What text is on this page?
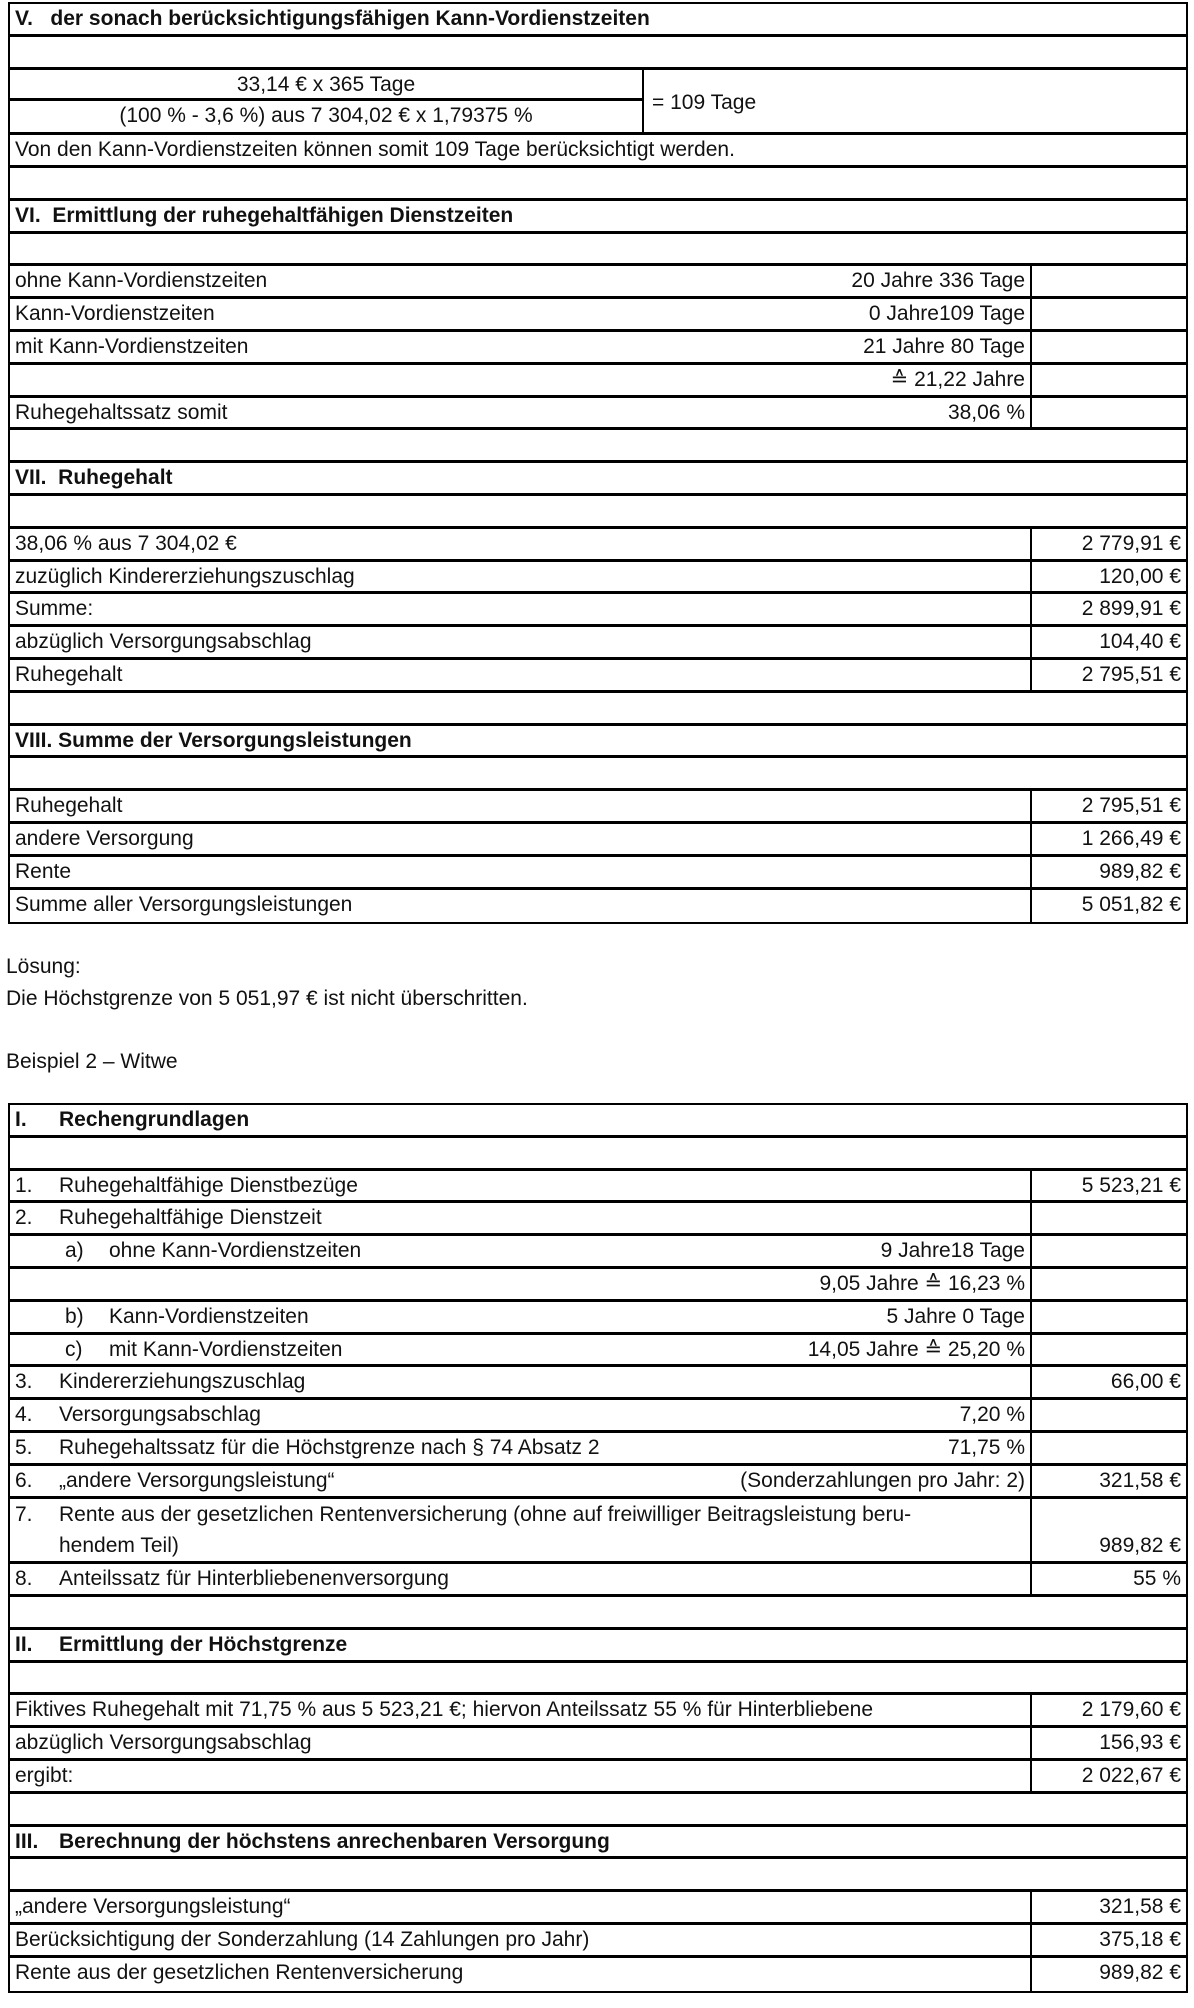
V.   der sonach berücksichtigungsfähigen Kann-Vordienstzeiten
$\frac{\text{33,14 € x 365 Tage}}{\text{(100 \% - 3,6 \%) aus 7 304,02 € x 1,79375 \%}} = 109$ Tage
Von den Kann-Vordienstzeiten können somit 109 Tage berücksichtigt werden.
VI.  Ermittlung der ruhegehaltfähigen Dienstzeiten
ohne Kann-Vordienstzeiten	20 Jahre 336 Tage
Kann-Vordienstzeiten	0 Jahre109 Tage
mit Kann-Vordienstzeiten	21 Jahre 80 Tage
≙ 21,22 Jahre
Ruhegehaltssatz somit	38,06 %
VII.  Ruhegehalt
38,06 % aus 7 304,02 €	2 779,91 €
zuzüglich Kindererziehungszuschlag	120,00 €
Summe:	2 899,91 €
abzüglich Versorgungsabschlag	104,40 €
Ruhegehalt	2 795,51 €
VIII. Summe der Versorgungsleistungen
Ruhegehalt	2 795,51 €
andere Versorgung	1 266,49 €
Rente	989,82 €
Summe aller Versorgungsleistungen	5 051,82 €
Lösung:
Die Höchstgrenze von 5 051,97 € ist nicht überschritten.
Beispiel 2 – Witwe
I. Rechengrundlagen
1. Ruhegehaltfähige Dienstbezüge	5 523,21 €
2. Ruhegehaltfähige Dienstzeit
a) ohne Kann-Vordienstzeiten	9 Jahre18 Tage
9,05 Jahre ≙ 16,23 %
b) Kann-Vordienstzeiten	5 Jahre 0 Tage
c) mit Kann-Vordienstzeiten	14,05 Jahre ≙ 25,20 %
3. Kindererziehungszuschlag	66,00 €
4. Versorgungsabschlag	7,20 %
5. Ruhegehaltssatz für die Höchstgrenze nach § 74 Absatz 2	71,75 %
6. „andere Versorgungsleistung“	(Sonderzahlungen pro Jahr: 2)	321,58 €
7. Rente aus der gesetzlichen Rentenversicherung (ohne auf freiwilliger Beitragsleistung beru-
hendem Teil)	989,82 €
8. Anteilssatz für Hinterbliebenenversorgung	55 %
II. Ermittlung der Höchstgrenze
Fiktives Ruhegehalt mit 71,75 % aus 5 523,21 €; hiervon Anteilssatz 55 % für Hinterbliebene	2 179,60 €
abzüglich Versorgungsabschlag	156,93 €
ergibt:	2 022,67 €
III. Berechnung der höchstens anrechenbaren Versorgung
„andere Versorgungsleistung“	321,58 €
Berücksichtigung der Sonderzahlung (14 Zahlungen pro Jahr)	375,18 €
Rente aus der gesetzlichen Rentenversicherung	989,82 €
